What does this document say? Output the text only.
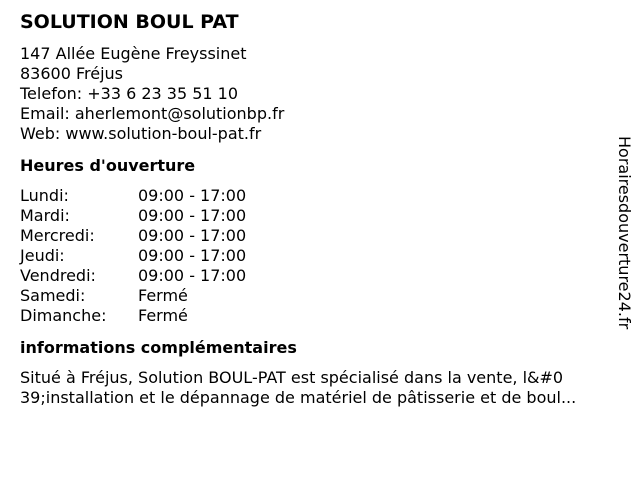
SOLUTION BOUL PAT
147 Allée Eugène Freyssinet
83600 Fréjus
Telefon: +33 6 23 35 51 10
Email: aherlemont@solutionbp.fr
Web: www.solution-boul-pat.fr
Heures d'ouverture
Lundi:	09:00 - 17:00
Mardi:	09:00 - 17:00
Mercredi:	09:00 - 17:00
Jeudi:	09:00 - 17:00
Vendredi:	09:00 - 17:00
Samedi:	Fermé
Dimanche:	Fermé
informations complémentaires
Situé à Fréjus, Solution BOUL-PAT est spécialisé dans la vente, l&#0
39;installation et le dépannage de matériel de pâtisserie et de boul...
Horairesdouverture24.fr
